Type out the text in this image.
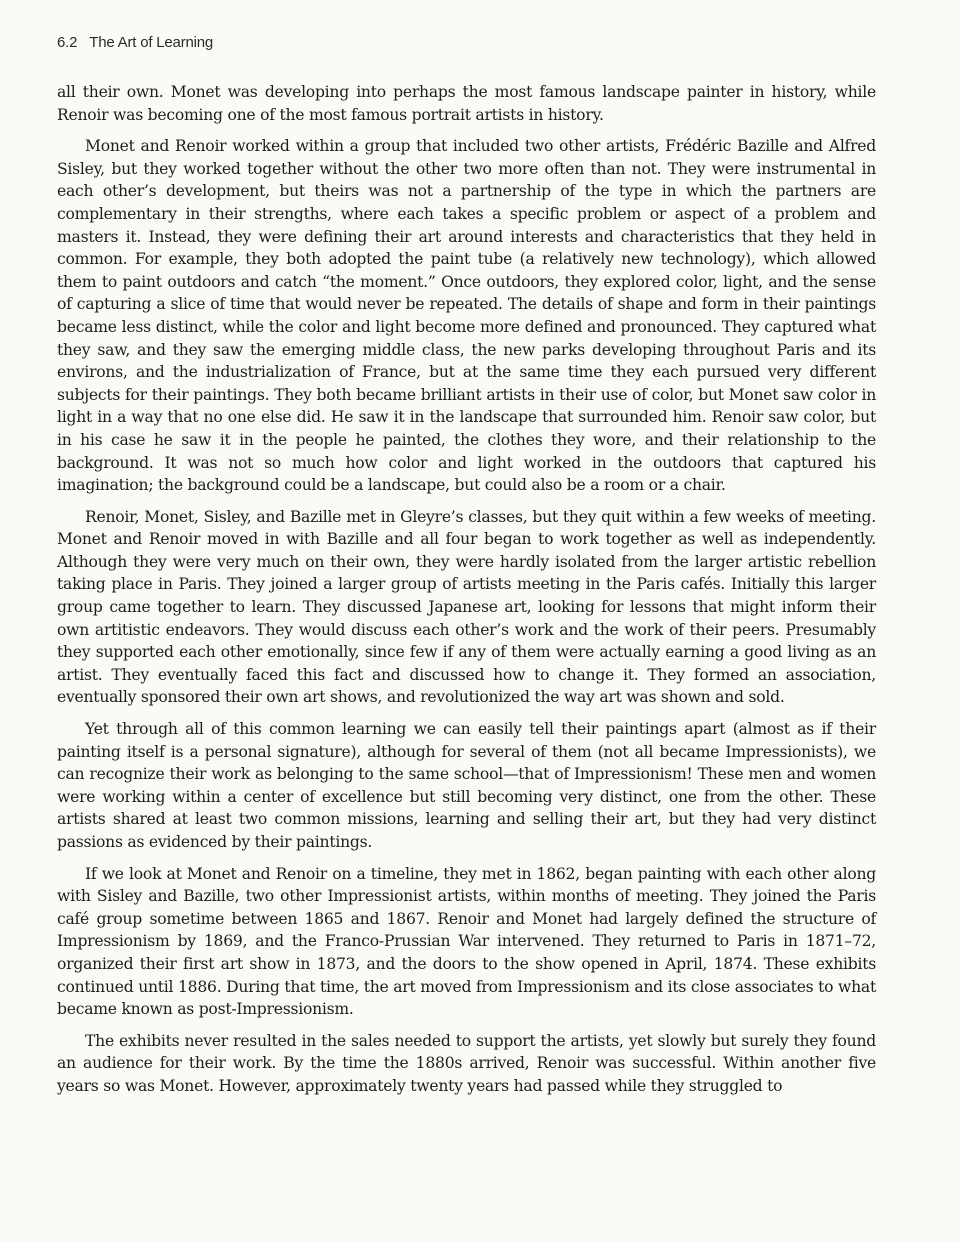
6.2 The Art of Learning

all their own. Monet was developing into perhaps the most famous landscape painter in history, while Renoir was becoming one of the most famous portrait artists in history.

Monet and Renoir worked within a group that included two other artists, Frédéric Bazille and Alfred Sisley, but they worked together without the other two more often than not. They were instrumental in each other’s development, but theirs was not a partnership of the type in which the partners are complementary in their strengths, where each takes a specific problem or aspect of a problem and masters it. Instead, they were defining their art around interests and characteristics that they held in common. For example, they both adopted the paint tube (a relatively new technology), which allowed them to paint outdoors and catch “the moment.” Once outdoors, they explored color, light, and the sense of capturing a slice of time that would never be repeated. The details of shape and form in their paintings became less distinct, while the color and light become more defined and pronounced. They captured what they saw, and they saw the emerging middle class, the new parks developing throughout Paris and its environs, and the industrialization of France, but at the same time they each pursued very different subjects for their paintings. They both became brilliant artists in their use of color, but Monet saw color in light in a way that no one else did. He saw it in the landscape that surrounded him. Renoir saw color, but in his case he saw it in the people he painted, the clothes they wore, and their relationship to the background. It was not so much how color and light worked in the outdoors that captured his imagination; the background could be a landscape, but could also be a room or a chair.

Renoir, Monet, Sisley, and Bazille met in Gleyre’s classes, but they quit within a few weeks of meeting. Monet and Renoir moved in with Bazille and all four began to work together as well as independently. Although they were very much on their own, they were hardly isolated from the larger artistic rebellion taking place in Paris. They joined a larger group of artists meeting in the Paris cafés. Initially this larger group came together to learn. They discussed Japanese art, looking for lessons that might inform their own artitistic endeavors. They would discuss each other’s work and the work of their peers. Presumably they supported each other emotionally, since few if any of them were actually earning a good living as an artist. They eventually faced this fact and discussed how to change it. They formed an association, eventually sponsored their own art shows, and revolutionized the way art was shown and sold.

Yet through all of this common learning we can easily tell their paintings apart (almost as if their painting itself is a personal signature), although for several of them (not all became Impressionists), we can recognize their work as belonging to the same school—that of Impressionism! These men and women were working within a center of excellence but still becoming very distinct, one from the other. These artists shared at least two common missions, learning and selling their art, but they had very distinct passions as evidenced by their paintings.

If we look at Monet and Renoir on a timeline, they met in 1862, began painting with each other along with Sisley and Bazille, two other Impressionist artists, within months of meeting. They joined the Paris café group sometime between 1865 and 1867. Renoir and Monet had largely defined the structure of Impressionism by 1869, and the Franco-Prussian War intervened. They returned to Paris in 1871–72, organized their first art show in 1873, and the doors to the show opened in April, 1874. These exhibits continued until 1886. During that time, the art moved from Impressionism and its close associates to what became known as post-Impressionism.

The exhibits never resulted in the sales needed to support the artists, yet slowly but surely they found an audience for their work. By the time the 1880s arrived, Renoir was successful. Within another five years so was Monet. However, approximately twenty years had passed while they struggled to
